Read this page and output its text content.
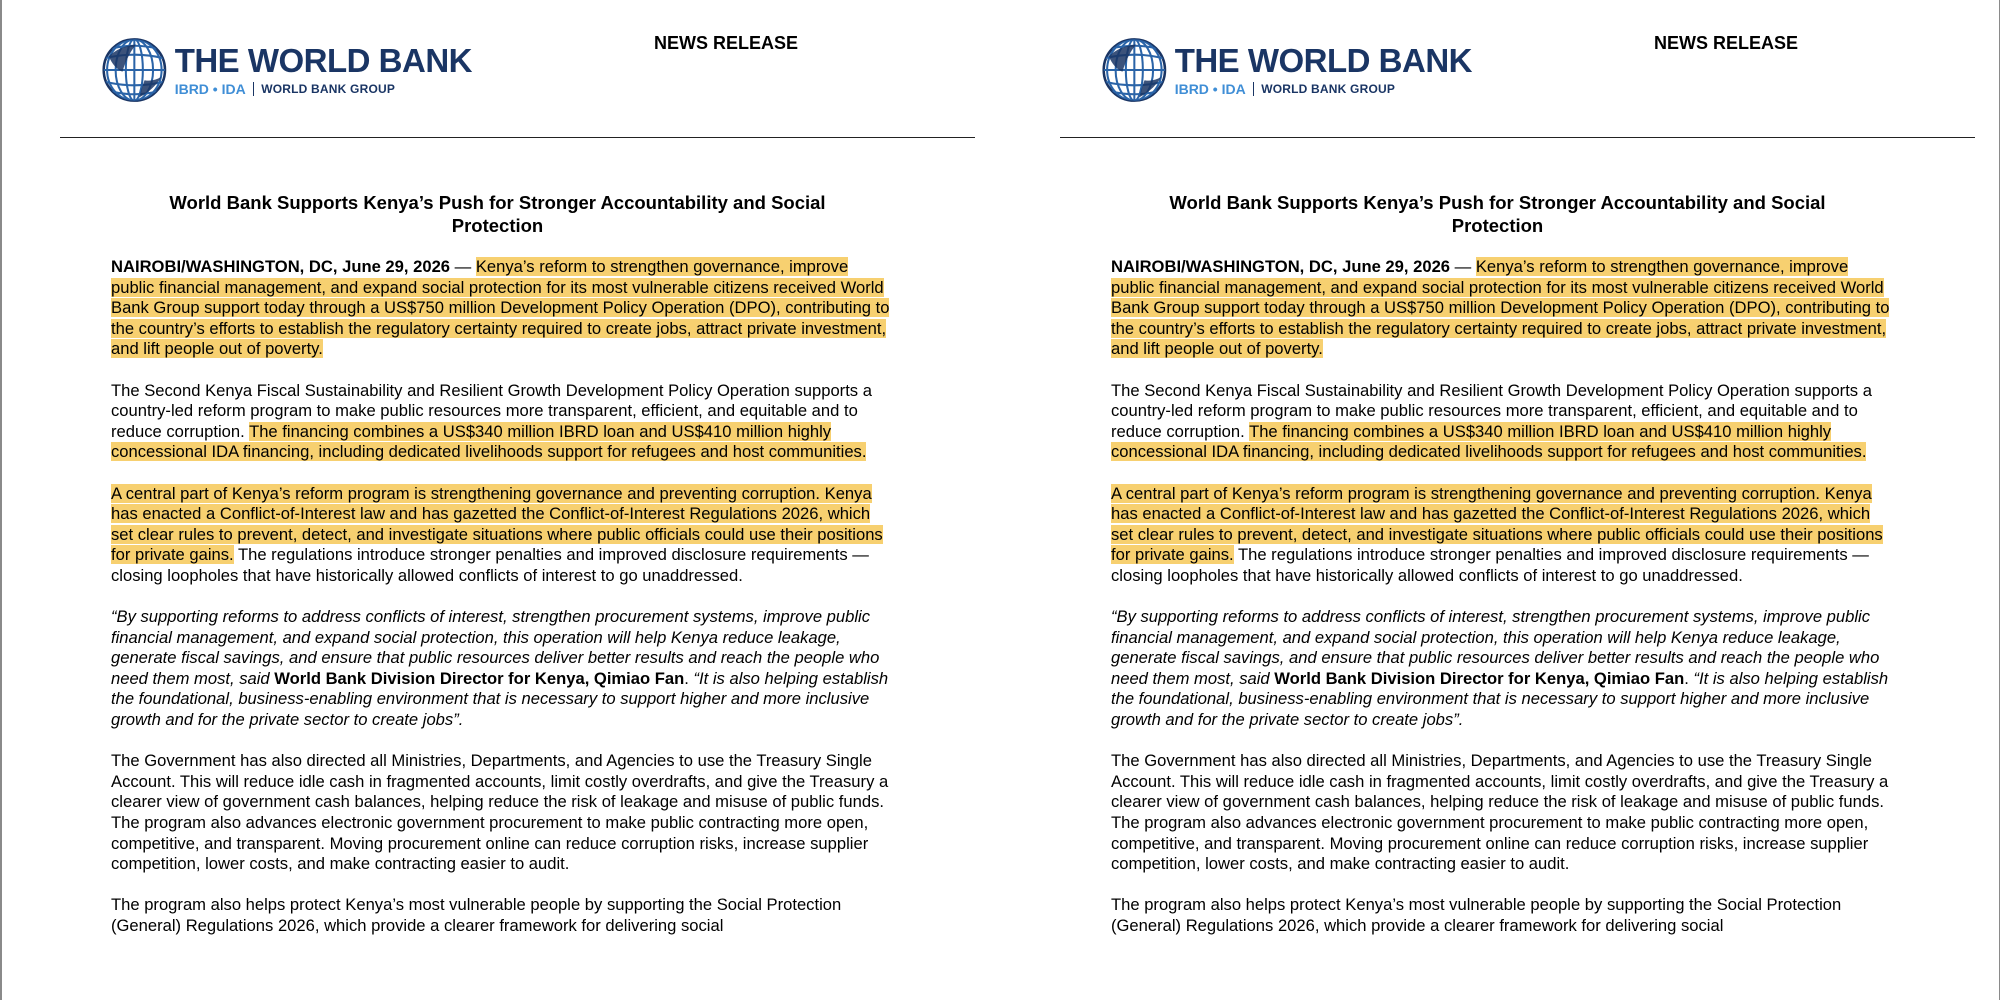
THE WORLD BANK
IBRD • IDA WORLD BANK GROUP
NEWS RELEASE
World Bank Supports Kenya’s Push for Stronger Accountability and Social
Protection

NAIROBI/WASHINGTON, DC, June 29, 2026 — Kenya’s reform to strengthen governance, improve public financial management, and expand social protection for its most vulnerable citizens received World Bank Group support today through a US$750 million Development Policy Operation (DPO), contributing to the country’s efforts to establish the regulatory certainty required to create jobs, attract private investment, and lift people out of poverty.

The Second Kenya Fiscal Sustainability and Resilient Growth Development Policy Operation supports a country-led reform program to make public resources more transparent, efficient, and equitable and to reduce corruption. The financing combines a US$340 million IBRD loan and US$410 million highly concessional IDA financing, including dedicated livelihoods support for refugees and host communities.

A central part of Kenya’s reform program is strengthening governance and preventing corruption. Kenya has enacted a Conflict-of-Interest law and has gazetted the Conflict-of-Interest Regulations 2026, which set clear rules to prevent, detect, and investigate situations where public officials could use their positions for private gains. The regulations introduce stronger penalties and improved disclosure requirements — closing loopholes that have historically allowed conflicts of interest to go unaddressed.

“By supporting reforms to address conflicts of interest, strengthen procurement systems, improve public financial management, and expand social protection, this operation will help Kenya reduce leakage, generate fiscal savings, and ensure that public resources deliver better results and reach the people who need them most, said World Bank Division Director for Kenya, Qimiao Fan. “It is also helping establish the foundational, business-enabling environment that is necessary to support higher and more inclusive growth and for the private sector to create jobs”.

The Government has also directed all Ministries, Departments, and Agencies to use the Treasury Single Account. This will reduce idle cash in fragmented accounts, limit costly overdrafts, and give the Treasury a clearer view of government cash balances, helping reduce the risk of leakage and misuse of public funds. The program also advances electronic government procurement to make public contracting more open, competitive, and transparent. Moving procurement online can reduce corruption risks, increase supplier competition, lower costs, and make contracting easier to audit.

The program also helps protect Kenya’s most vulnerable people by supporting the Social Protection (General) Regulations 2026, which provide a clearer framework for delivering social

THE WORLD BANK
IBRD • IDA WORLD BANK GROUP
NEWS RELEASE
World Bank Supports Kenya’s Push for Stronger Accountability and Social
Protection

NAIROBI/WASHINGTON, DC, June 29, 2026 — Kenya’s reform to strengthen governance, improve public financial management, and expand social protection for its most vulnerable citizens received World Bank Group support today through a US$750 million Development Policy Operation (DPO), contributing to the country’s efforts to establish the regulatory certainty required to create jobs, attract private investment, and lift people out of poverty.

The Second Kenya Fiscal Sustainability and Resilient Growth Development Policy Operation supports a country-led reform program to make public resources more transparent, efficient, and equitable and to reduce corruption. The financing combines a US$340 million IBRD loan and US$410 million highly concessional IDA financing, including dedicated livelihoods support for refugees and host communities.

A central part of Kenya’s reform program is strengthening governance and preventing corruption. Kenya has enacted a Conflict-of-Interest law and has gazetted the Conflict-of-Interest Regulations 2026, which set clear rules to prevent, detect, and investigate situations where public officials could use their positions for private gains. The regulations introduce stronger penalties and improved disclosure requirements — closing loopholes that have historically allowed conflicts of interest to go unaddressed.

“By supporting reforms to address conflicts of interest, strengthen procurement systems, improve public financial management, and expand social protection, this operation will help Kenya reduce leakage, generate fiscal savings, and ensure that public resources deliver better results and reach the people who need them most, said World Bank Division Director for Kenya, Qimiao Fan. “It is also helping establish the foundational, business-enabling environment that is necessary to support higher and more inclusive growth and for the private sector to create jobs”.

The Government has also directed all Ministries, Departments, and Agencies to use the Treasury Single Account. This will reduce idle cash in fragmented accounts, limit costly overdrafts, and give the Treasury a clearer view of government cash balances, helping reduce the risk of leakage and misuse of public funds. The program also advances electronic government procurement to make public contracting more open, competitive, and transparent. Moving procurement online can reduce corruption risks, increase supplier competition, lower costs, and make contracting easier to audit.

The program also helps protect Kenya’s most vulnerable people by supporting the Social Protection (General) Regulations 2026, which provide a clearer framework for delivering social
